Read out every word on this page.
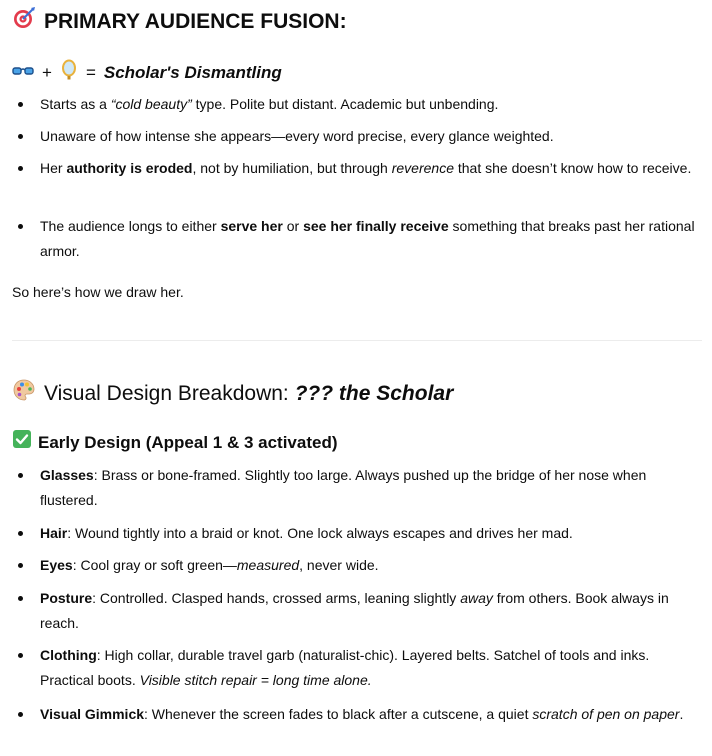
PRIMARY AUDIENCE FUSION:
+ = Scholar's Dismantling

Starts as a “cold beauty” type. Polite but distant. Academic but unbending.

Unaware of how intense she appears—every word precise, every glance weighted.

Her authority is eroded, not by humiliation, but through reverence that she doesn’t know how to receive.

The audience longs to either serve her or see her finally receive something that breaks past her rational armor.

So here’s how we draw her.

Visual Design Breakdown: ??? the Scholar
Early Design (Appeal 1 & 3 activated)

Glasses: Brass or bone-framed. Slightly too large. Always pushed up the bridge of her nose when flustered.

Hair: Wound tightly into a braid or knot. One lock always escapes and drives her mad.

Eyes: Cool gray or soft green—measured, never wide.

Posture: Controlled. Clasped hands, crossed arms, leaning slightly away from others. Book always in reach.

Clothing: High collar, durable travel garb (naturalist-chic). Layered belts. Satchel of tools and inks. Practical boots. Visible stitch repair = long time alone.

Visual Gimmick: Whenever the screen fades to black after a cutscene, a quiet scratch of pen on paper.
